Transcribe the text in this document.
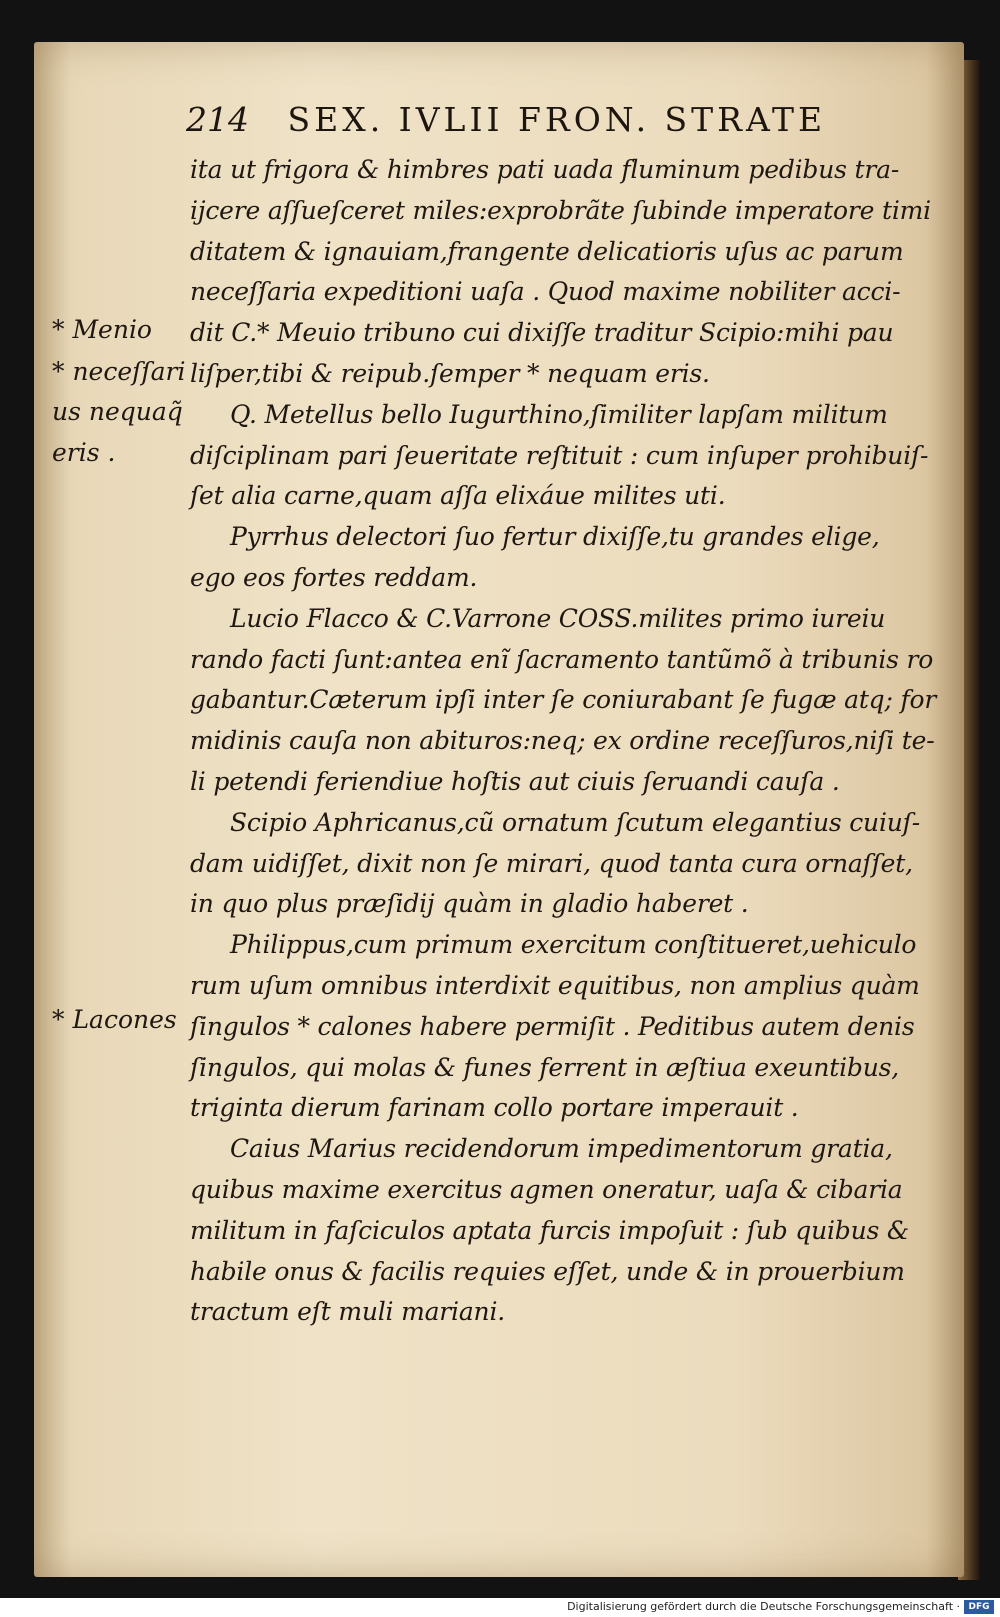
214 SEX. IVLII FRON. STRATE
ita ut frigora & himbres pati uada fluminum pedibus tra-
ijcere aſſueſceret miles:exprobrãte ſubinde imperatore timi
ditatem & ignauiam,frangente delicatioris uſus ac parum
neceſſaria expeditioni uaſa . Quod maxime nobiliter acci-
dit C.* Meuio tribuno cui dixiſſe traditur Scipio:mihi pau
liſper,tibi & reipub.ſemper * nequam eris.
Q. Metellus bello Iugurthino,ſimiliter lapſam militum
diſciplinam pari ſeueritate reſtituit : cum inſuper prohibuiſ-
ſet alia carne,quam aſſa elixáue milites uti.
Pyrrhus delectori ſuo fertur dixiſſe,tu grandes elige,
ego eos fortes reddam.
Lucio Flacco & C.Varrone COSS.milites primo iureiu
rando facti ſunt:antea enĩ ſacramento tantũmõ à tribunis ro
gabantur.Cæterum ipſi inter ſe coniurabant ſe fugæ atq; for
midinis cauſa non abituros:neq; ex ordine receſſuros,niſi te-
li petendi feriendiue hoſtis aut ciuis ſeruandi cauſa .
Scipio Aphricanus,cũ ornatum ſcutum elegantius cuiuſ-
dam uidiſſet, dixit non ſe mirari, quod tanta cura ornaſſet,
in quo plus præſidij quàm in gladio haberet .
Philippus,cum primum exercitum conſtitueret,uehiculo
rum uſum omnibus interdixit equitibus, non amplius quàm
ſingulos * calones habere permiſit . Peditibus autem denis
ſingulos, qui molas & funes ferrent in æſtiua exeuntibus,
triginta dierum farinam collo portare imperauit .
Caius Marius recidendorum impedimentorum gratia,
quibus maxime exercitus agmen oneratur, uaſa & cibaria
militum in faſciculos aptata furcis impoſuit : ſub quibus &
habile onus & facilis requies eſſet, unde & in prouerbium
tractum eſt muli mariani.
* Menio
* neceſſari
us nequaq̃
eris .
* Lacones
Digitalisierung gefördert durch die Deutsche Forschungsgemeinschaft · DFG
